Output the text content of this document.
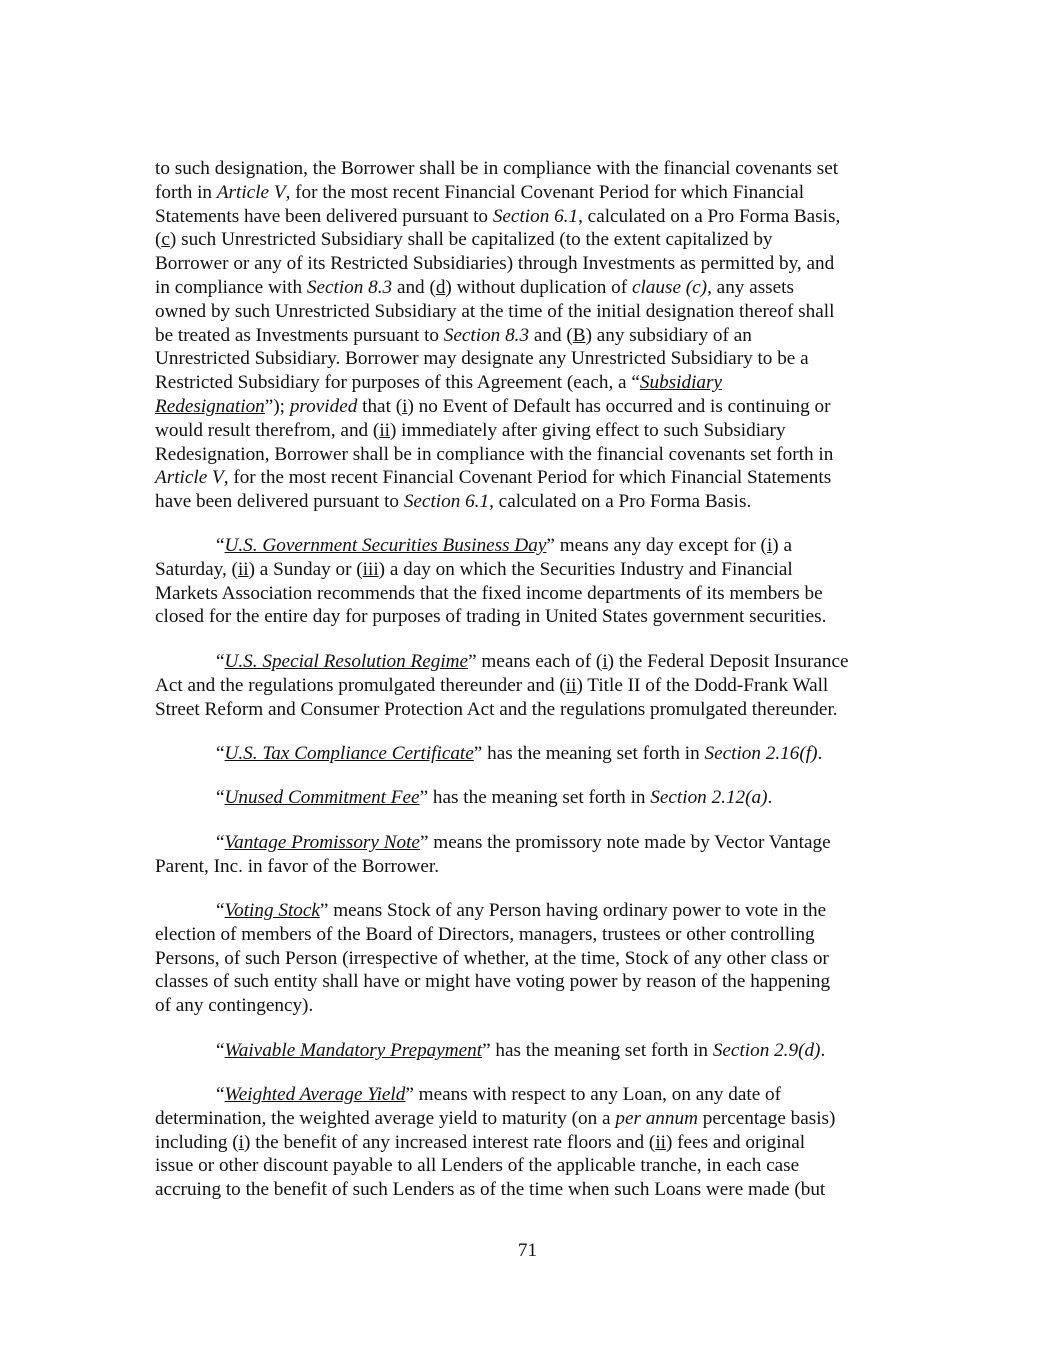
to such designation, the Borrower shall be in compliance with the financial covenants set
forth in Article V, for the most recent Financial Covenant Period for which Financial
Statements have been delivered pursuant to Section 6.1, calculated on a Pro Forma Basis,
(c) such Unrestricted Subsidiary shall be capitalized (to the extent capitalized by
Borrower or any of its Restricted Subsidiaries) through Investments as permitted by, and
in compliance with Section 8.3 and (d) without duplication of clause (c), any assets
owned by such Unrestricted Subsidiary at the time of the initial designation thereof shall
be treated as Investments pursuant to Section 8.3 and (B) any subsidiary of an
Unrestricted Subsidiary. Borrower may designate any Unrestricted Subsidiary to be a
Restricted Subsidiary for purposes of this Agreement (each, a “Subsidiary
Redesignation”); provided that (i) no Event of Default has occurred and is continuing or
would result therefrom, and (ii) immediately after giving effect to such Subsidiary
Redesignation, Borrower shall be in compliance with the financial covenants set forth in
Article V, for the most recent Financial Covenant Period for which Financial Statements
have been delivered pursuant to Section 6.1, calculated on a Pro Forma Basis.
“U.S. Government Securities Business Day” means any day except for (i) a
Saturday, (ii) a Sunday or (iii) a day on which the Securities Industry and Financial
Markets Association recommends that the fixed income departments of its members be
closed for the entire day for purposes of trading in United States government securities.
“U.S. Special Resolution Regime” means each of (i) the Federal Deposit Insurance
Act and the regulations promulgated thereunder and (ii) Title II of the Dodd-Frank Wall
Street Reform and Consumer Protection Act and the regulations promulgated thereunder.
“U.S. Tax Compliance Certificate” has the meaning set forth in Section 2.16(f).
“Unused Commitment Fee” has the meaning set forth in Section 2.12(a).
“Vantage Promissory Note” means the promissory note made by Vector Vantage
Parent, Inc. in favor of the Borrower.
“Voting Stock” means Stock of any Person having ordinary power to vote in the
election of members of the Board of Directors, managers, trustees or other controlling
Persons, of such Person (irrespective of whether, at the time, Stock of any other class or
classes of such entity shall have or might have voting power by reason of the happening
of any contingency).
“Waivable Mandatory Prepayment” has the meaning set forth in Section 2.9(d).
“Weighted Average Yield” means with respect to any Loan, on any date of
determination, the weighted average yield to maturity (on a per annum percentage basis)
including (i) the benefit of any increased interest rate floors and (ii) fees and original
issue or other discount payable to all Lenders of the applicable tranche, in each case
accruing to the benefit of such Lenders as of the time when such Loans were made (but
71
